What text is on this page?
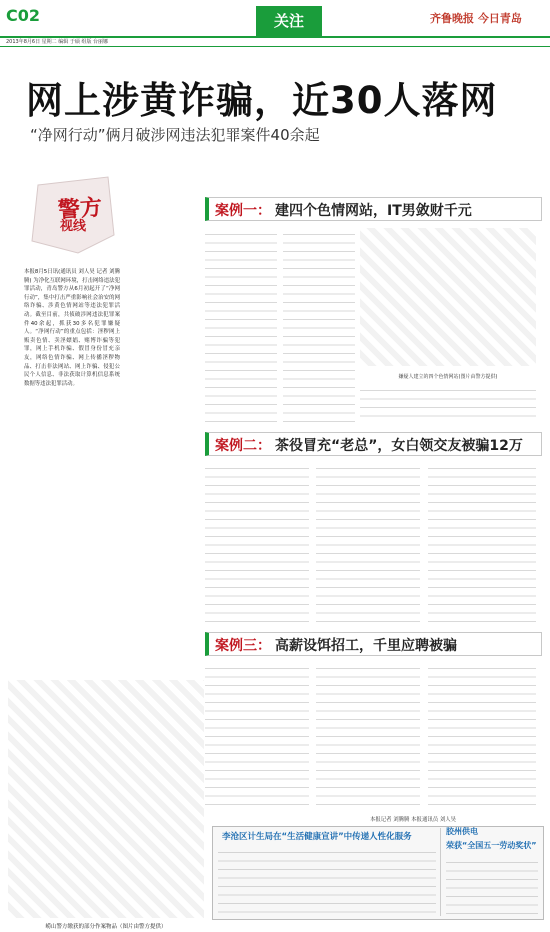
C02	关注	齐鲁晚报 今日青岛
2013年8月6日 星期二 编辑 于硕 组版 台丽娜
网上涉黄诈骗，近30人落网
“净网行动”俩月破涉网违法犯罪案件40余起
警方
视线
本报8月5日讯(通讯员 刘人昊 记者 刘腾腾) 为净化互联网环境，打击网络违法犯罪活动，青岛警方从6月初起开了“净网行动”，集中打击严重影响社会治安的网络诈骗、涉黄色情网站等违法犯罪活动。截至目前，共侦破涉网违法犯罪案件40余起，抓获30多名犯罪嫌疑人。“净网行动”的重点包括：淫秽网上贩卖色情、卖淫嫖娼、赌博诈骗等犯罪，网上手机诈骗、假冒身份冒充亲友，网络色情诈骗、网上传播淫秽物品、打击非法网站、网上诈骗、侵犯公民个人信息、非法获取计算机信息系统数据等违法犯罪活动。
案例一： 建四个色情网站，IT男敛财千元
嫌疑人建立的四个色情网站(图片由警方提供)
案例二： 茶役冒充“老总”，女白领交友被骗12万
案例三： 高薪设饵招工，千里应聘被骗
本报记者 刘腾腾 本报通讯员 刘人昊
崂山警方缴获的部分作案物品（图片由警方提供）
李沧区计生局在“生活健康宣讲”中传递人性化服务
胶州供电
荣获“全国五一劳动奖状”
